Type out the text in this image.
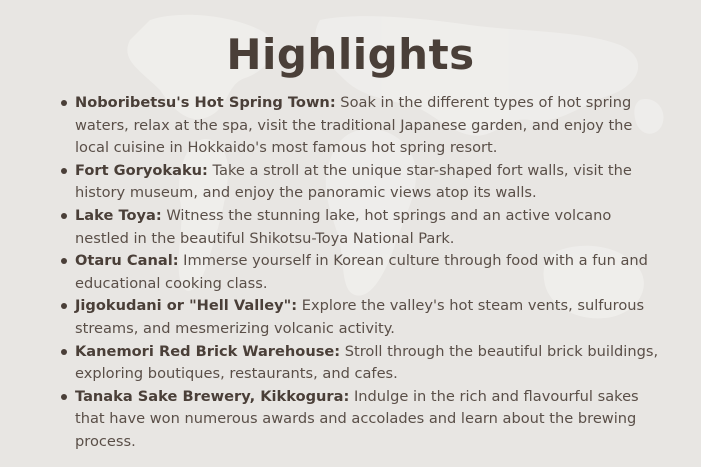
Highlights
Noboribetsu's Hot Spring Town: Soak in the different types of hot spring waters, relax at the spa, visit the traditional Japanese garden, and enjoy the local cuisine in Hokkaido's most famous hot spring resort.
Fort Goryokaku: Take a stroll at the unique star-shaped fort walls, visit the history museum, and enjoy the panoramic views atop its walls.
Lake Toya: Witness the stunning lake, hot springs and an active volcano nestled in the beautiful Shikotsu-Toya National Park.
Otaru Canal: Immerse yourself in Korean culture through food with a fun and educational cooking class.
Jigokudani or "Hell Valley": Explore the valley's hot steam vents, sulfurous streams, and mesmerizing volcanic activity.
Kanemori Red Brick Warehouse: Stroll through the beautiful brick buildings, exploring boutiques, restaurants, and cafes.
Tanaka Sake Brewery, Kikkogura: Indulge in the rich and flavourful sakes that have won numerous awards and accolades and learn about the brewing process.
